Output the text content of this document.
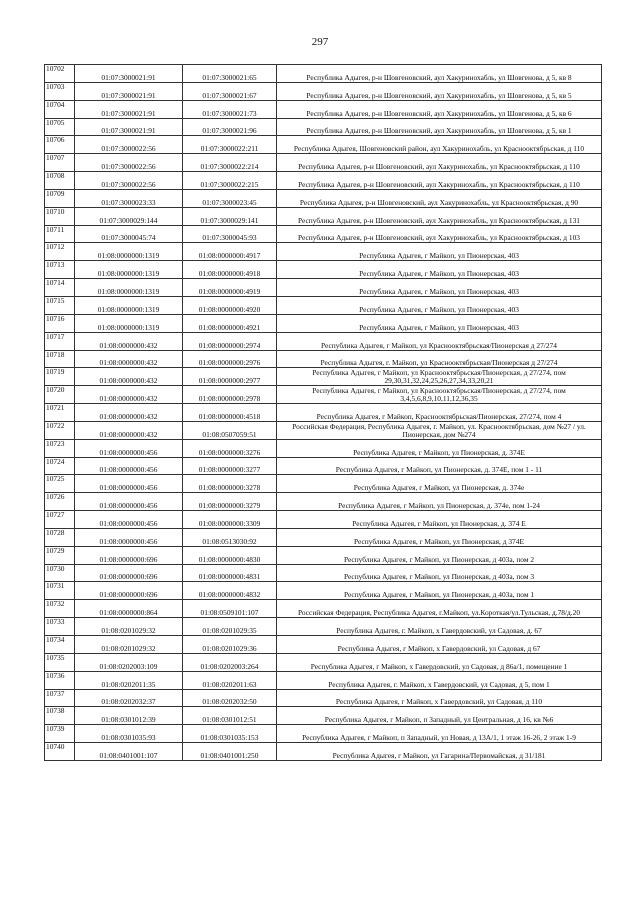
297
10702	01:07:3000021:91	01:07:3000021:65	Республика Адыгея, р-н Шовгеновский, аул Хакуринохабль, ул Шовгенова, д 5, кв 8
10703	01:07:3000021:91	01:07:3000021:67	Республика Адыгея, р-н Шовгеновский, аул Хакуринохабль, ул Шовгенова, д 5, кв 5
10704	01:07:3000021:91	01:07:3000021:73	Республика Адыгея, р-н Шовгеновский, аул Хакуринохабль, ул Шовгенова, д 5, кв 6
10705	01:07:3000021:91	01:07:3000021:96	Республика Адыгея, р-н Шовгеновский, аул Хакуринохабль, ул Шовгенова, д 5, кв 1
10706	01:07:3000022:56	01:07:3000022:211	Республика Адыгея, Шовгеновский район, аул Хакуринохабль, ул Краснооктябрьская, д 110
10707	01:07:3000022:56	01:07:3000022:214	Республика Адыгея, р-н Шовгеновский, аул Хакуринохабль, ул Краснооктябрьская, д 110
10708	01:07:3000022:56	01:07:3000022:215	Республика Адыгея, р-н Шовгеновский, аул Хакуринохабль, ул Краснооктябрьская, д 110
10709	01:07:3000023:33	01:07:3000023:45	Республика Адыгея, р-н Шовгеновский, аул Хакуринохабль, ул Краснооктябрьская, д 90
10710	01:07:3000029:144	01:07:3000029:141	Республика Адыгея, р-н Шовгеновский, аул Хакуринохабль, ул Краснооктябрьская, д 131
10711	01:07:3000045:74	01:07:3000045:93	Республика Адыгея, р-н Шовгеновский, аул Хакуринохабль, ул Краснооктябрьская, д 103
10712	01:08:0000000:1319	01:08:0000000:4917	Республика Адыгея, г Майкоп, ул Пионерская, 403
10713	01:08:0000000:1319	01:08:0000000:4918	Республика Адыгея, г Майкоп, ул Пионерская, 403
10714	01:08:0000000:1319	01:08:0000000:4919	Республика Адыгея, г Майкоп, ул Пионерская, 403
10715	01:08:0000000:1319	01:08:0000000:4920	Республика Адыгея, г Майкоп, ул Пионерская, 403
10716	01:08:0000000:1319	01:08:0000000:4921	Республика Адыгея, г Майкоп, ул Пионерская, 403
10717	01:08:0000000:432	01:08:0000000:2974	Республика Адыгея, г Майкоп, ул Краснооктябрьская/Пионерская д 27/274
10718	01:08:0000000:432	01:08:0000000:2976	Республика Адыгея, г. Майкоп, ул Краснооктябрьская/Пионерская д 27/274
10719	01:08:0000000:432	01:08:0000000:2977	Республика Адыгея, г Майкоп, ул Краснооктябрьская/Пионерская, д 27/274, пом 29,30,31,32,24,25,26,27,34,33,20,21
10720	01:08:0000000:432	01:08:0000000:2978	Республика Адыгея, г Майкоп, ул Краснооктябрьская/Пионерская, д 27/274, пом 3,4,5,6,8,9,10,11,12,36,35
10721	01:08:0000000:432	01:08:0000000:4518	Республика Адыгея, г Майкоп, Краснооктябрьская/Пионерская, 27/274, пом 4
10722	01:08:0000000:432	01:08:0507059:51	Российская Федерация, Республика Адыгея, г. Майкоп, ул. Краснооктябрьская, дом №27 / ул. Пионерская, дом №274
10723	01:08:0000000:456	01:08:0000000:3276	Республика Адыгея, г Майкоп, ул Пионерская, д. 374Е
10724	01:08:0000000:456	01:08:0000000:3277	Республика Адыгея, г Майкоп, ул Пионерская, д. 374Е, пом 1 - 11
10725	01:08:0000000:456	01:08:0000000:3278	Республика Адыгея, г Майкоп, ул Пионерская, д. 374е
10726	01:08:0000000:456	01:08:0000000:3279	Республика Адыгея, г Майкоп, ул Пионерская, д. 374е, пом 1-24
10727	01:08:0000000:456	01:08:0000000:3309	Республика Адыгея, г Майкоп, ул Пионерская, д. 374 Е
10728	01:08:0000000:456	01:08:0513030:92	Республика Адыгея, г Майкоп, ул Пионерская, д 374Е
10729	01:08:0000000:696	01:08:0000000:4830	Республика Адыгея, г Майкоп, ул Пионерская, д 403а, пом 2
10730	01:08:0000000:696	01:08:0000000:4831	Республика Адыгея, г Майкоп, ул Пионерская, д 403а, пом 3
10731	01:08:0000000:696	01:08:0000000:4832	Республика Адыгея, г Майкоп, ул Пионерская, д 403а, пом 1
10732	01:08:0000000:864	01:08:0509101:107	Российская Федерация, Республика Адыгея, г.Майкоп, ул.Короткая/ул.Тульская, д.78/д.20
10733	01:08:0201029:32	01:08:0201029:35	Республика Адыгея, г. Майкоп, х Гавердовский, ул Садовая, д. 67
10734	01:08:0201029:32	01:08:0201029:36	Республика Адыгея, г Майкоп, х Гавердовский, ул Садовая, д 67
10735	01:08:0202003:109	01:08:0202003:264	Республика Адыгея, г Майкоп, х Гавердовский, ул Садовая, д 86а/1, помещение 1
10736	01:08:0202011:35	01:08:0202011:63	Республика Адыгея, г. Майкоп, х Гавердовский, ул Садовая, д 5, пом 1
10737	01:08:0202032:37	01:08:0202032:50	Республика Адыгея, г Майкоп, х Гавердовский, ул Садовая, д 110
10738	01:08:0301012:39	01:08:0301012:51	Республика Адыгея, г Майкоп, п Западный, ул Центральная, д 16, кв №6
10739	01:08:0301035:93	01:08:0301035:153	Республика Адыгея, г Майкоп, п Западный, ул Новая, д 13А/1, 1 этаж 16-26, 2 этаж 1-9
10740	01:08:0401001:107	01:08:0401001:250	Республика Адыгея, г Майкоп, ул Гагарина/Первомайская, д 31/181
